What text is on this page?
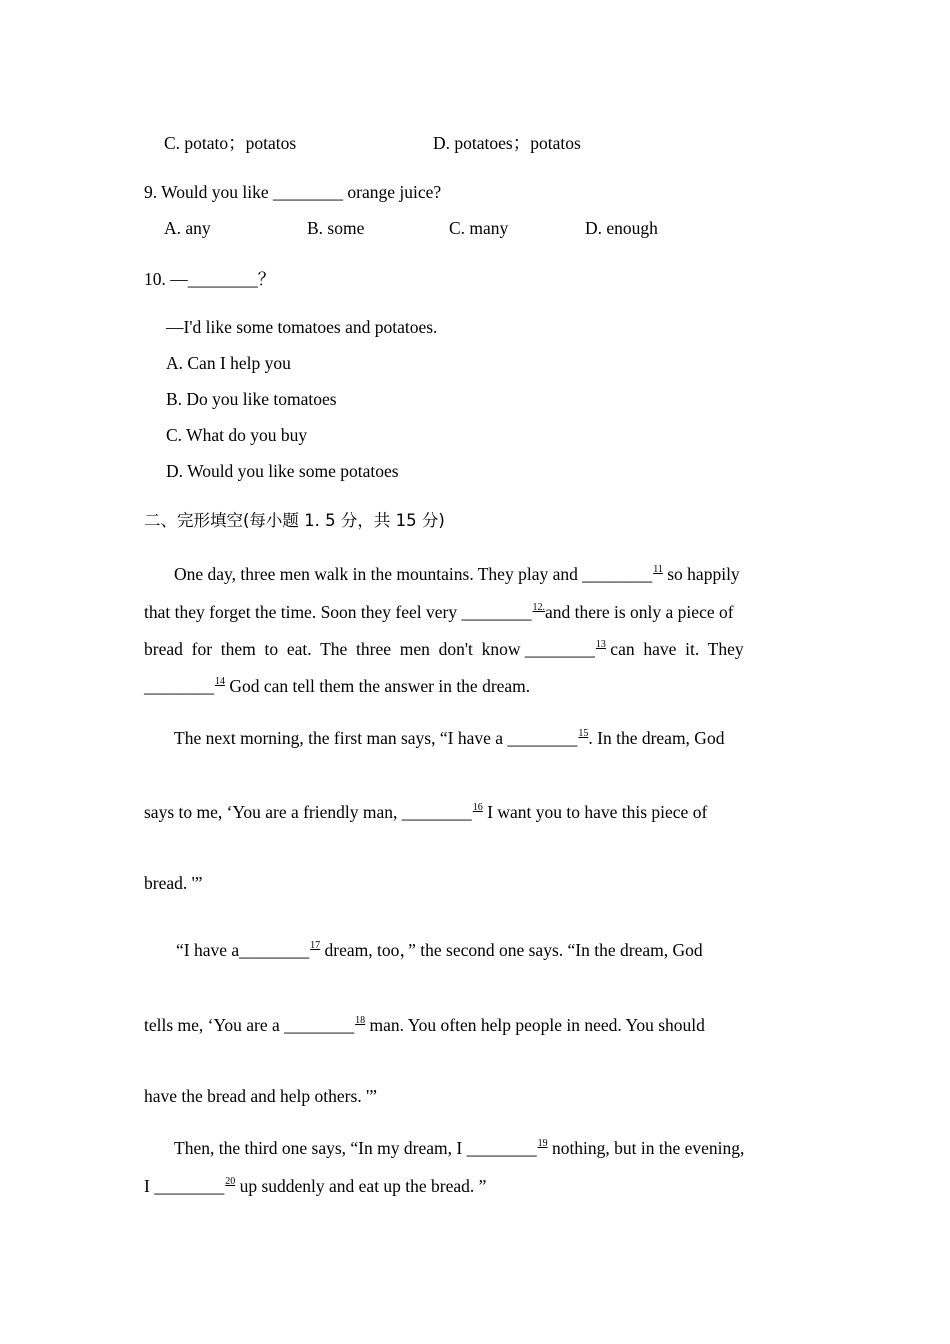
C. potato；potatos	D. potatoes；potatos
9. Would you like ________ orange juice?
A. any	B. some	C. many	D. enough
10. —________？
—I'd like some tomatoes and potatoes.
A. Can I help you
B. Do you like tomatoes
C. What do you buy
D. Would you like some potatoes
二、完形填空(每小题 1. 5 分，共 15 分)
One day, three men walk in the mountains. They play and ________$^{11}$ so happily
that they forget the time. Soon they feel very ________$^{12.}$and there is only a piece of
bread  for  them  to  eat.  The  three  men  don't  know ________$^{13}$ can  have  it.  They
________$^{14}$ God can tell them the answer in the dream.
The next morning, the first man says, “I have a ________$^{15}$. In the dream, God
says to me, ‘You are a friendly man, ________$^{16}$ I want you to have this piece of
bread. '”
“I have a________$^{17}$ dream, too，” the second one says. “In the dream, God
tells me, ‘You are a ________$^{18}$ man. You often help people in need. You should
have the bread and help others. '”
Then, the third one says, “In my dream, I ________$^{19}$ nothing, but in the evening,
I ________$^{20}$ up suddenly and eat up the bread. ”
